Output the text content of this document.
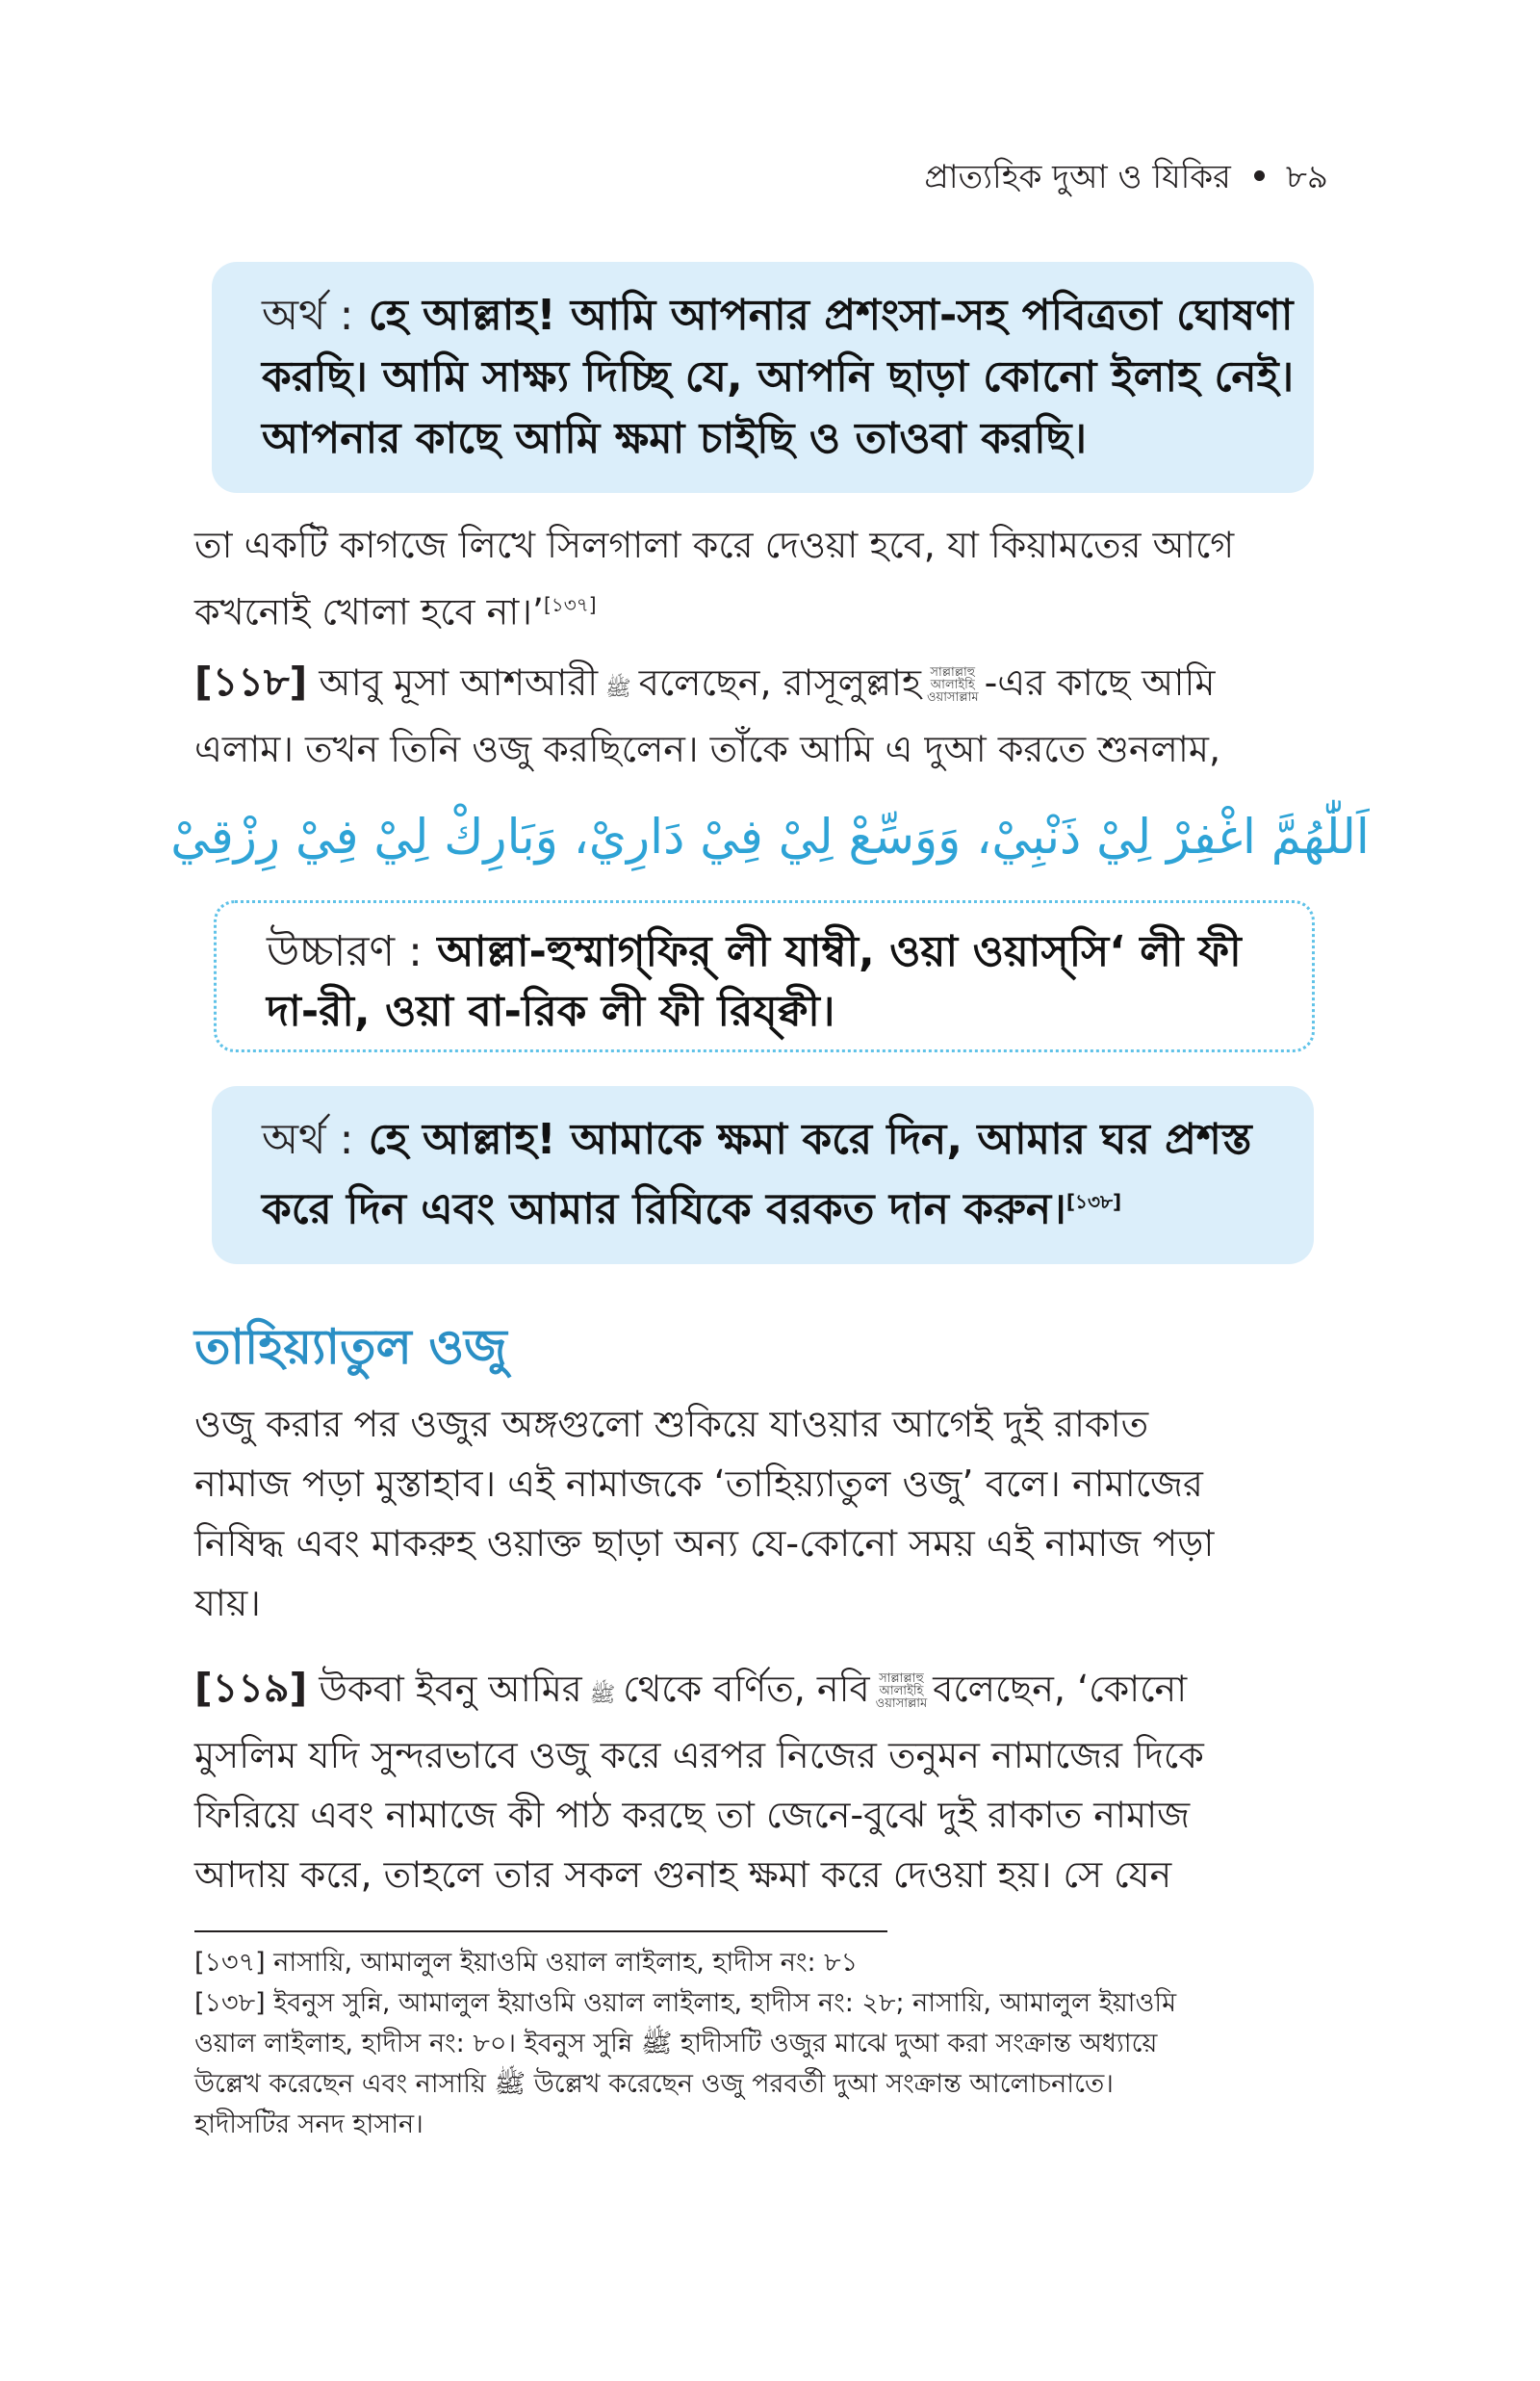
প্রাত্যহিক দুআ ও যিকির ৮৯
অর্থ : হে আল্লাহ! আমি আপনার প্রশংসা-সহ পবিত্রতা ঘোষণা
করছি। আমি সাক্ষ্য দিচ্ছি যে, আপনি ছাড়া কোনো ইলাহ নেই।
আপনার কাছে আমি ক্ষমা চাইছি ও তাওবা করছি।
তা একটি কাগজে লিখে সিলগালা করে দেওয়া হবে, যা কিয়ামতের আগে
কখনোই খোলা হবে না।’[১৩৭]
[১১৮] আবু মূসা আশআরী ﷺ বলেছেন, রাসূলুল্লাহ সাল্লাল্লাহু
আলাইহি
ওয়াসাল্লাম -এর কাছে আমি
এলাম। তখন তিনি ওজু করছিলেন। তাঁকে আমি এ দুআ করতে শুনলাম,
اَللّٰهُمَّ اغْفِرْ لِيْ ذَنْبِيْ، وَوَسِّعْ لِيْ فِيْ دَارِيْ، وَبَارِكْ لِيْ فِيْ رِزْقِيْ
উচ্চারণ : আল্লা-হুম্মাগ্‌ফির্‌ লী যাম্বী, ওয়া ওয়াস্‌সি‘ লী ফী
দা-রী, ওয়া বা-রিক লী ফী রিয্‌ক্বী।
অর্থ : হে আল্লাহ! আমাকে ক্ষমা করে দিন, আমার ঘর প্রশস্ত
করে দিন এবং আমার রিযিকে বরকত দান করুন।[১৩৮]
তাহিয়্যাতুল ওজু
ওজু করার পর ওজুর অঙ্গগুলো শুকিয়ে যাওয়ার আগেই দুই রাকাত
নামাজ পড়া মুস্তাহাব। এই নামাজকে ‘তাহিয়্যাতুল ওজু’ বলে। নামাজের
নিষিদ্ধ এবং মাকরুহ ওয়াক্ত ছাড়া অন্য যে-কোনো সময় এই নামাজ পড়া
যায়।
[১১৯] উকবা ইবনু আমির ﷺ থেকে বর্ণিত, নবি সাল্লাল্লাহু
আলাইহি
ওয়াসাল্লাম বলেছেন, ‘কোনো
মুসলিম যদি সুন্দরভাবে ওজু করে এরপর নিজের তনুমন নামাজের দিকে
ফিরিয়ে এবং নামাজে কী পাঠ করছে তা জেনে-বুঝে দুই রাকাত নামাজ
আদায় করে, তাহলে তার সকল গুনাহ ক্ষমা করে দেওয়া হয়। সে যেন
[১৩৭] নাসায়ি, আমালুল ইয়াওমি ওয়াল লাইলাহ, হাদীস নং: ৮১
[১৩৮] ইবনুস সুন্নি, আমালুল ইয়াওমি ওয়াল লাইলাহ, হাদীস নং: ২৮; নাসায়ি, আমালুল ইয়াওমি
ওয়াল লাইলাহ, হাদীস নং: ৮০। ইবনুস সুন্নি ﷺ হাদীসটি ওজুর মাঝে দুআ করা সংক্রান্ত অধ্যায়ে
উল্লেখ করেছেন এবং নাসায়ি ﷺ উল্লেখ করেছেন ওজু পরবর্তী দুআ সংক্রান্ত আলোচনাতে।
হাদীসটির সনদ হাসান।
